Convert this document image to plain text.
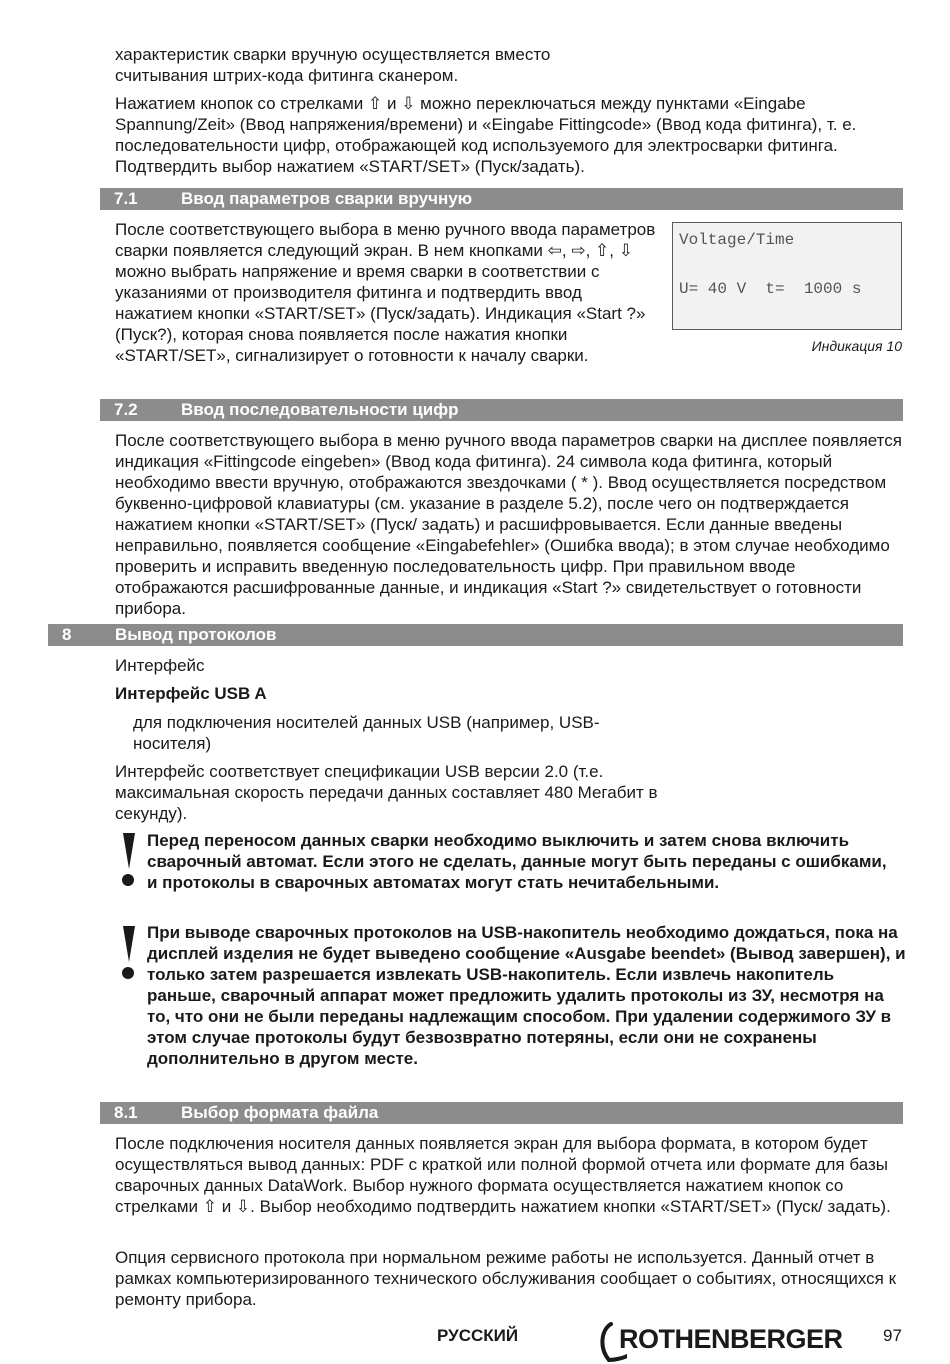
характеристик сварки вручную осуществляется вместо считывания штрих-кода фитинга сканером.

Нажатием кнопок со стрелками ⇧ и ⇩ можно переключаться между пунктами «Eingabe Spannung/Zeit» (Ввод напряжения/времени) и «Eingabe Fittingcode» (Ввод кода фитинга), т. е. последовательности цифр, отображающей код используемого для электросварки фитинга. Подтвердить выбор нажатием «START/SET» (Пуск/задать).

7.1	Ввод параметров сварки вручную

После соответствующего выбора в меню ручного ввода параметров сварки появляется следующий экран. В нем кнопками ⇦, ⇨, ⇧, ⇩ можно выбрать напряжение и время сварки в соответствии с указаниями от производителя фитинга и подтвердить ввод нажатием кнопки «START/SET» (Пуск/задать). Индикация «Start ?» (Пуск?), которая снова появляется после нажатия кнопки «START/SET», сигнализирует о готовности к началу сварки.

Voltage/Time
U= 40 V  t=  1000 s
Индикация 10
7.2	Ввод последовательности цифр

После соответствующего выбора в меню ручного ввода параметров сварки на дисплее появляется индикация «Fittingcode eingeben» (Ввод кода фитинга). 24 символа кода фитинга, который необходимо ввести вручную, отображаются звездочками ( * ). Ввод осуществляется посредством буквенно-цифровой клавиатуры (см. указание в разделе 5.2), после чего он подтверждается нажатием кнопки «START/SET» (Пуск/ задать) и расшифровывается. Если данные введены неправильно, появляется сообщение «Eingabefehler» (Ошибка ввода); в этом случае необходимо проверить и исправить введенную последовательность цифр. При правильном вводе отображаются расшифрованные данные, и индикация «Start ?» свидетельствует о готовности прибора.

8	Вывод протоколов

Интерфейс

Интерфейс USB A

для подключения носителей данных USB (например, USB-носителя)

Интерфейс соответствует спецификации USB версии 2.0 (т.е. максимальная скорость передачи данных составляет 480 Мегабит в секунду).

Перед переносом данных сварки необходимо выключить и затем снова включить сварочный автомат. Если этого не сделать, данные могут быть переданы с ошибками, и протоколы в сварочных автоматах могут стать нечитабельными.

При выводе сварочных протоколов на USB-накопитель необходимо дождаться, пока на дисплей изделия не будет выведено сообщение «Ausgabe beendet» (Вывод завершен), и только затем разрешается извлекать USB-накопитель. Если извлечь накопитель раньше, сварочный аппарат может предложить удалить протоколы из ЗУ, несмотря на то, что они не были переданы надлежащим способом. При удалении содержимого ЗУ в этом случае протоколы будут безвозвратно потеряны, если они не сохранены дополнительно в другом месте.

8.1	Выбор формата файла

После подключения носителя данных появляется экран для выбора формата, в котором будет осуществляться вывод данных: PDF с краткой или полной формой отчета или формате для базы сварочных данных DataWork. Выбор нужного формата осуществляется нажатием кнопок со стрелками ⇧ и ⇩. Выбор необходимо подтвердить нажатием кнопки «START/SET» (Пуск/ задать).

Опция сервисного протокола при нормальном режиме работы не используется. Данный отчет в рамках компьютеризированного технического обслуживания сообщает о событиях, относящихся к ремонту прибора.

РУССКИЙ	ROTHENBERGER 97
